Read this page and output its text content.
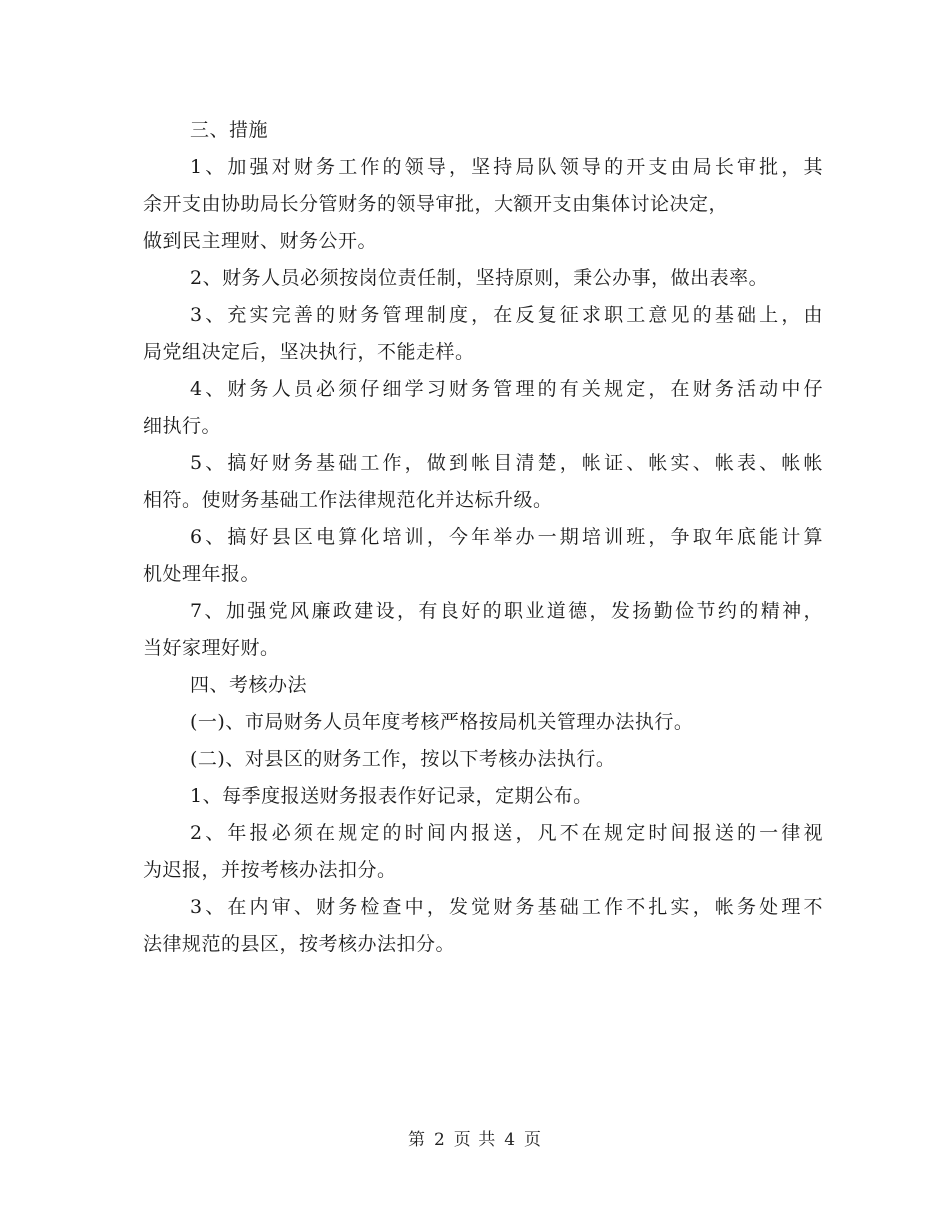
三、措施
1、加强对财务工作的领导，坚持局队领导的开支由局长审批，其
余开支由协助局长分管财务的领导审批，大额开支由集体讨论决定，
做到民主理财、财务公开。
2、财务人员必须按岗位责任制，坚持原则，秉公办事，做出表率。
3、充实完善的财务管理制度，在反复征求职工意见的基础上，由
局党组决定后，坚决执行，不能走样。
4、财务人员必须仔细学习财务管理的有关规定，在财务活动中仔
细执行。
5、搞好财务基础工作，做到帐目清楚，帐证、帐实、帐表、帐帐
相符。使财务基础工作法律规范化并达标升级。
6、搞好县区电算化培训，今年举办一期培训班，争取年底能计算
机处理年报。
7、加强党风廉政建设，有良好的职业道德，发扬勤俭节约的精神，
当好家理好财。
四、考核办法
(一)、市局财务人员年度考核严格按局机关管理办法执行。
(二)、对县区的财务工作，按以下考核办法执行。
1、每季度报送财务报表作好记录，定期公布。
2、年报必须在规定的时间内报送，凡不在规定时间报送的一律视
为迟报，并按考核办法扣分。
3、在内审、财务检查中，发觉财务基础工作不扎实，帐务处理不
法律规范的县区，按考核办法扣分。
第 2 页 共 4 页
